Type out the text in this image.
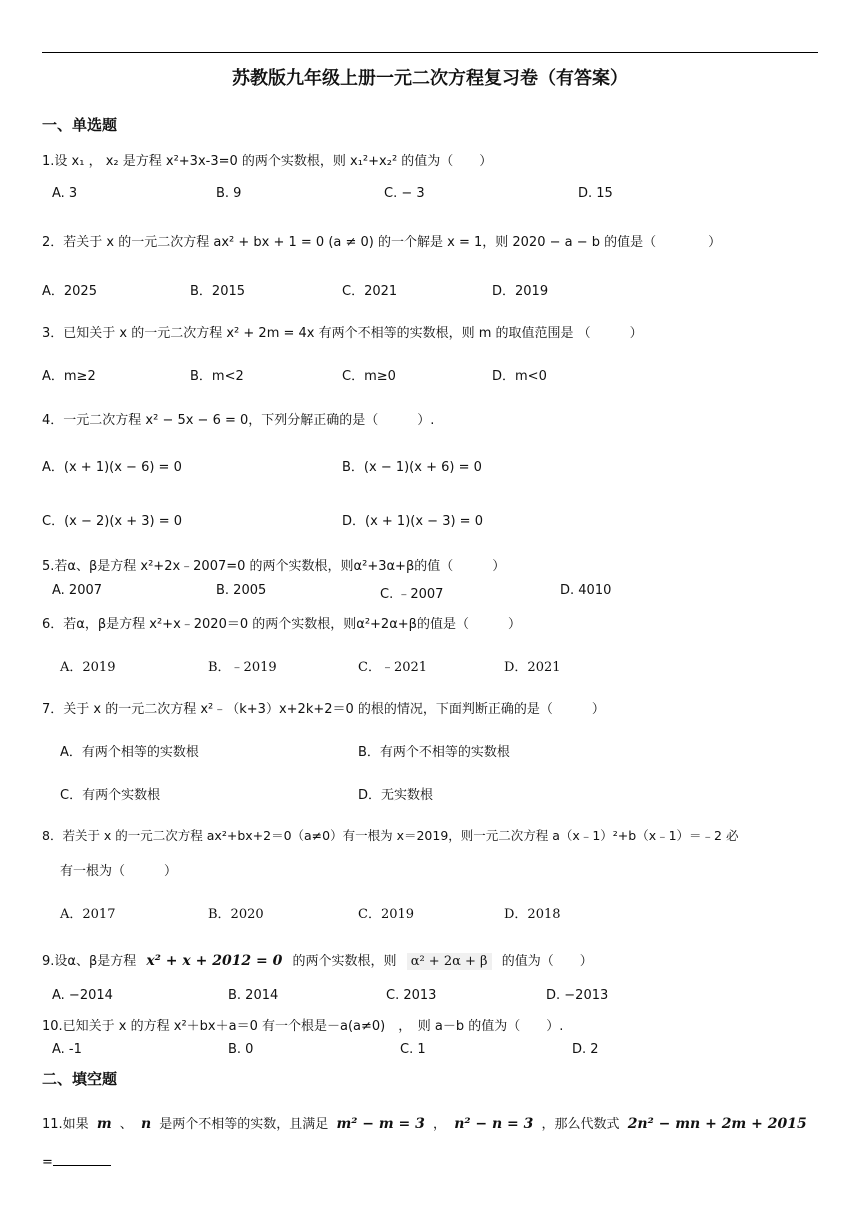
苏教版九年级上册一元二次方程复习卷（有答案）
一、单选题
1.设 x₁ ， x₂ 是方程 x²+3x-3=0 的两个实数根，则 x₁²+x₂² 的值为（　　）
A. 3	B. 9	C. − 3	D. 15
2．若关于 x 的一元二次方程 ax² + bx + 1 = 0 (a ≠ 0) 的一个解是 x = 1，则 2020 − a − b 的值是（　　　　）
A．2025	B．2015	C．2021	D．2019
3．已知关于 x 的一元二次方程 x² + 2m = 4x 有两个不相等的实数根，则 m 的取值范围是 （　　　）
A．m≥2	B．m<2	C．m≥0	D．m<0
4．一元二次方程 x² − 5x − 6 = 0，下列分解正确的是（　　　）.
A．(x + 1)(x − 6) = 0	B．(x − 1)(x + 6) = 0
C．(x − 2)(x + 3) = 0	D．(x + 1)(x − 3) = 0
5.若α、β是方程 x²+2x﹣2007=0 的两个实数根，则α²+3α+β的值（　　　）
A. 2007	B. 2005	C. ﹣2007	D. 4010
6．若α，β是方程 x²+x﹣2020＝0 的两个实数根，则α²+2α+β的值是（　　　）
A．2019	B．﹣2019	C．﹣2021	D．2021
7．关于 x 的一元二次方程 x²﹣（k+3）x+2k+2＝0 的根的情况，下面判断正确的是（　　　）
A．有两个相等的实数根	B．有两个不相等的实数根
C．有两个实数根	D．无实数根
8．若关于 x 的一元二次方程 ax²+bx+2＝0（a≠0）有一根为 x＝2019，则一元二次方程 a（x﹣1）²+b（x﹣1）＝﹣2 必
有一根为（　　　）
A．2017	B．2020	C．2019	D．2018
9.设α、β是方程 x² + x + 2012 = 0 的两个实数根，则 α² + 2α + β 的值为（　　）
A. −2014	B. 2014	C. 2013	D. −2013
10.已知关于 x 的方程 x²＋bx＋a＝0 有一个根是－a(a≠0)　，　则 a－b 的值为（　　）.
A. -1	B. 0	C. 1	D. 2
二、填空题
11.如果 m 、 n 是两个不相等的实数，且满足 m² − m = 3 ， n² − n = 3 ，那么代数式 2n² − mn + 2m + 2015
=
